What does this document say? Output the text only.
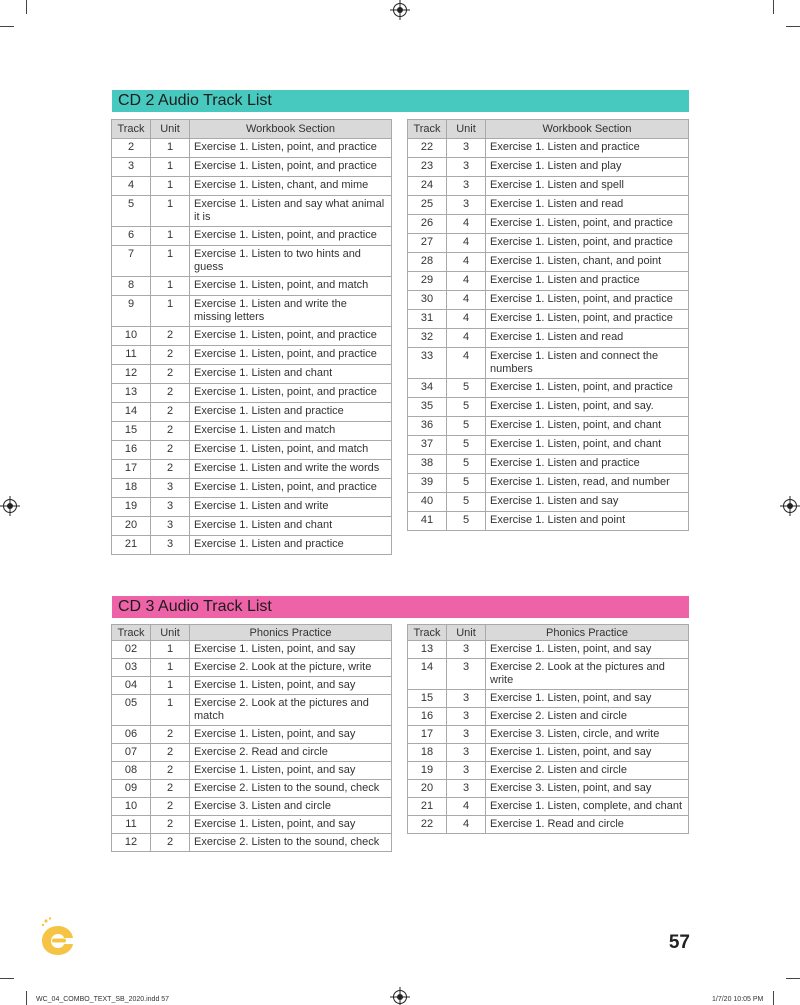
CD 2 Audio Track List
Track	Unit	Workbook Section
2	1	Exercise 1. Listen, point, and practice
3	1	Exercise 1. Listen, point, and practice
4	1	Exercise 1. Listen, chant, and mime
5	1	Exercise 1. Listen and say what animal it is
6	1	Exercise 1. Listen, point, and practice
7	1	Exercise 1. Listen to two hints and guess
8	1	Exercise 1. Listen, point, and match
9	1	Exercise 1. Listen and write the missing letters
10	2	Exercise 1. Listen, point, and practice
11	2	Exercise 1. Listen, point, and practice
12	2	Exercise 1. Listen and chant
13	2	Exercise 1. Listen, point, and practice
14	2	Exercise 1. Listen and practice
15	2	Exercise 1. Listen and match
16	2	Exercise 1. Listen, point, and match
17	2	Exercise 1. Listen and write the words
18	3	Exercise 1. Listen, point, and practice
19	3	Exercise 1. Listen and write
20	3	Exercise 1. Listen and chant
21	3	Exercise 1. Listen and practice
Track	Unit	Workbook Section
22	3	Exercise 1. Listen and practice
23	3	Exercise 1. Listen and play
24	3	Exercise 1. Listen and spell
25	3	Exercise 1. Listen and read
26	4	Exercise 1. Listen, point, and practice
27	4	Exercise 1. Listen, point, and practice
28	4	Exercise 1. Listen, chant, and point
29	4	Exercise 1. Listen and practice
30	4	Exercise 1. Listen, point, and practice
31	4	Exercise 1. Listen, point, and practice
32	4	Exercise 1. Listen and read
33	4	Exercise 1. Listen and connect the numbers
34	5	Exercise 1. Listen, point, and practice
35	5	Exercise 1. Listen, point, and say.
36	5	Exercise 1. Listen, point, and chant
37	5	Exercise 1. Listen, point, and chant
38	5	Exercise 1. Listen and practice
39	5	Exercise 1. Listen, read, and number
40	5	Exercise 1. Listen and say
41	5	Exercise 1. Listen and point
CD 3 Audio Track List
Track	Unit	Phonics Practice
02	1	Exercise 1. Listen, point, and say
03	1	Exercise 2. Look at the picture, write
04	1	Exercise 1. Listen, point, and say
05	1	Exercise 2. Look at the pictures and match
06	2	Exercise 1. Listen, point, and say
07	2	Exercise 2. Read and circle
08	2	Exercise 1. Listen, point, and say
09	2	Exercise 2. Listen to the sound, check
10	2	Exercise 3. Listen and circle
11	2	Exercise 1. Listen, point, and say
12	2	Exercise 2. Listen to the sound, check
Track	Unit	Phonics Practice
13	3	Exercise 1. Listen, point, and say
14	3	Exercise 2. Look at the pictures and write
15	3	Exercise 1. Listen, point, and say
16	3	Exercise 2. Listen and circle
17	3	Exercise 3. Listen, circle, and write
18	3	Exercise 1. Listen, point, and say
19	3	Exercise 2. Listen and circle
20	3	Exercise 3. Listen, point, and say
21	4	Exercise 1. Listen, complete, and chant
22	4	Exercise 1. Read and circle
57
WC_04_COMBO_TEXT_SB_2020.indd 57	1/7/20 10:05 PM
